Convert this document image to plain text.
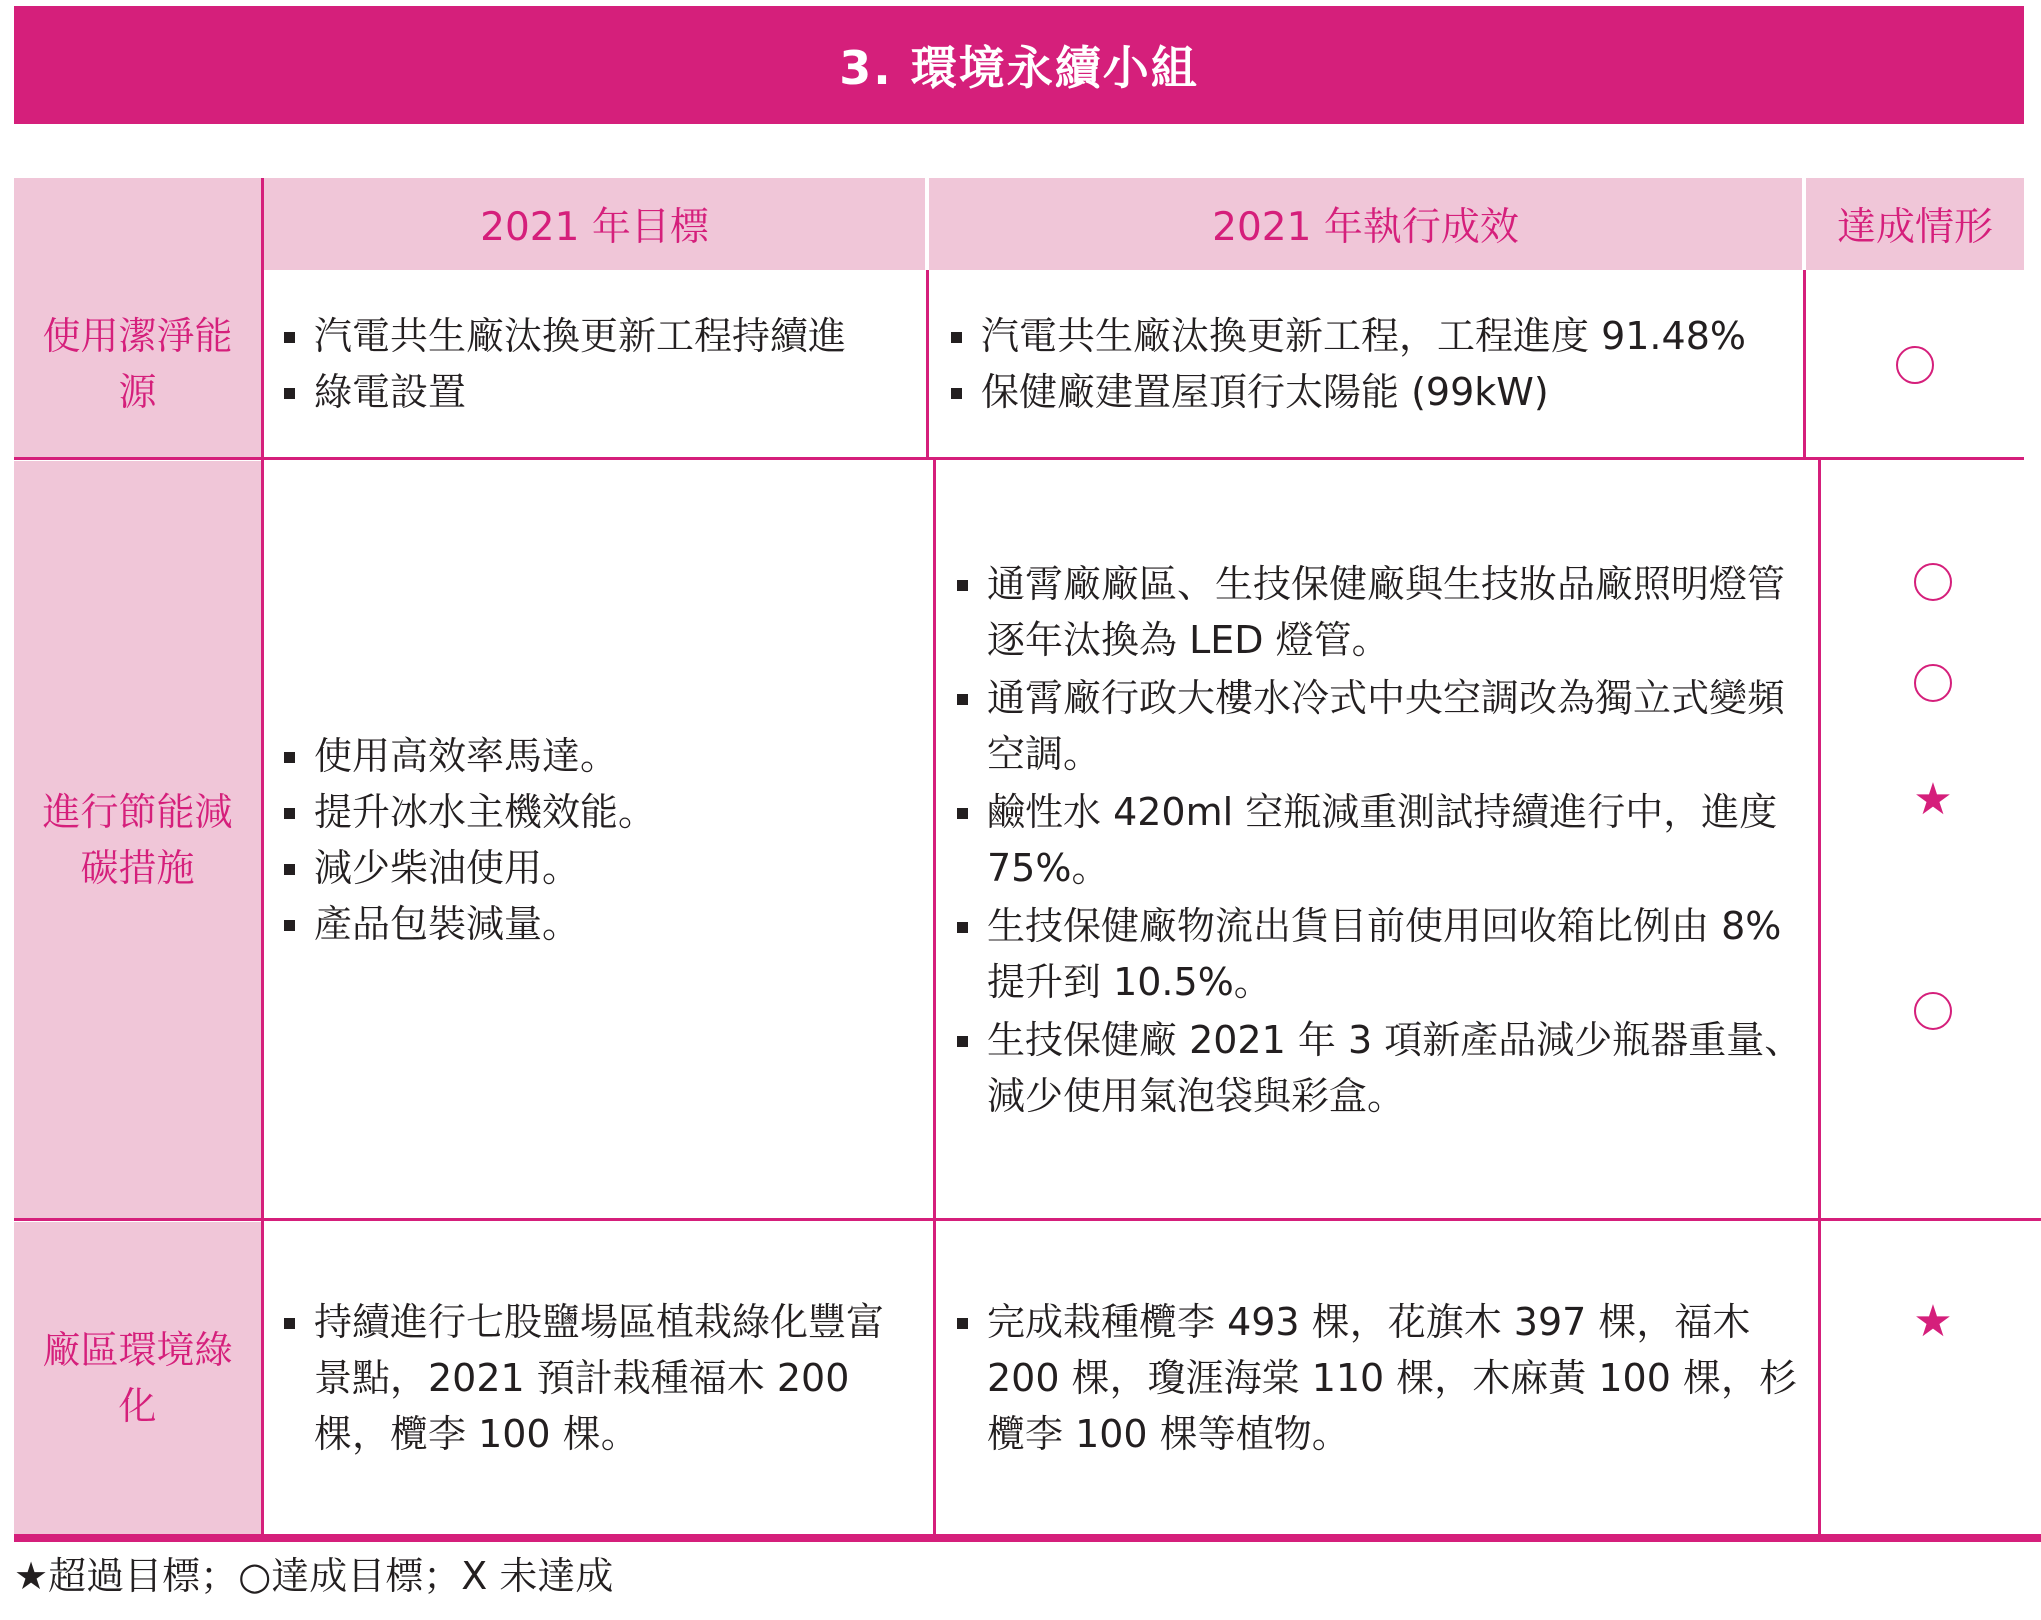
3. 環境永續小組
2021 年目標	2021 年執行成效	達成情形
使用潔淨能源
汽電共生廠汰換更新工程持續進
綠電設置
汽電共生廠汰換更新工程，工程進度 91.48%
保健廠建置屋頂行太陽能 (99kW)
進行節能減碳措施
使用高效率馬達。
提升冰水主機效能。
減少柴油使用。
產品包裝減量。
通霄廠廠區、生技保健廠與生技妝品廠照明燈管逐年汰換為 LED 燈管。
通霄廠行政大樓水冷式中央空調改為獨立式變頻空調。
鹼性水 420ml 空瓶減重測試持續進行中，進度 75%。
生技保健廠物流出貨目前使用回收箱比例由 8% 提升到 10.5%。
生技保健廠 2021 年 3 項新產品減少瓶器重量、減少使用氣泡袋與彩盒。
★
廠區環境綠化
持續進行七股鹽場區植栽綠化豐富景點，2021 預計栽種福木 200 棵，欖李 100 棵。
完成栽種欖李 493 棵，花旗木 397 棵，福木 200 棵，瓊涯海棠 110 棵，木麻黃 100 棵，杉欖李 100 棵等植物。
★
★超過目標；○達成目標；X 未達成
